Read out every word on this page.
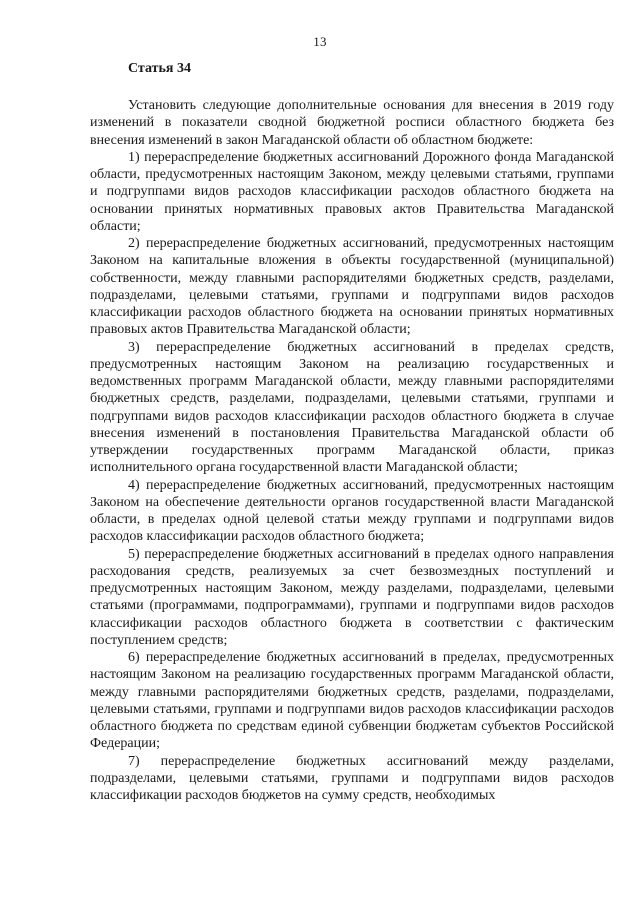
13
Статья 34

Установить следующие дополнительные основания для внесения в 2019 году изменений в показатели сводной бюджетной росписи областного бюджета без внесения изменений в закон Магаданской области об областном бюджете:

1) перераспределение бюджетных ассигнований Дорожного фонда Магаданской области, предусмотренных настоящим Законом, между целевыми статьями, группами и подгруппами видов расходов классификации расходов областного бюджета на основании принятых нормативных правовых актов Правительства Магаданской области;

2) перераспределение бюджетных ассигнований, предусмотренных настоящим Законом на капитальные вложения в объекты государственной (муниципальной) собственности, между главными распорядителями бюджетных средств, разделами, подразделами, целевыми статьями, группами и подгруппами видов расходов классификации расходов областного бюджета на основании принятых нормативных правовых актов Правительства Магаданской области;

3) перераспределение бюджетных ассигнований в пределах средств, предусмотренных настоящим Законом на реализацию государственных и ведомственных программ Магаданской области, между главными распорядителями бюджетных средств, разделами, подразделами, целевыми статьями, группами и подгруппами видов расходов классификации расходов областного бюджета в случае внесения изменений в постановления Правительства Магаданской области об утверждении государственных программ Магаданской области, приказ исполнительного органа государственной власти Магаданской области;

4) перераспределение бюджетных ассигнований, предусмотренных настоящим Законом на обеспечение деятельности органов государственной власти Магаданской области, в пределах одной целевой статьи между группами и подгруппами видов расходов классификации расходов областного бюджета;

5) перераспределение бюджетных ассигнований в пределах одного направления расходования средств, реализуемых за счет безвозмездных поступлений и предусмотренных настоящим Законом, между разделами, подразделами, целевыми статьями (программами, подпрограммами), группами и подгруппами видов расходов классификации расходов областного бюджета в соответствии с фактическим поступлением средств;

6) перераспределение бюджетных ассигнований в пределах, предусмотренных настоящим Законом на реализацию государственных программ Магаданской области, между главными распорядителями бюджетных средств, разделами, подразделами, целевыми статьями, группами и подгруппами видов расходов классификации расходов областного бюджета по средствам единой субвенции бюджетам субъектов Российской Федерации;

7) перераспределение бюджетных ассигнований между разделами, подразделами, целевыми статьями, группами и подгруппами видов расходов классификации расходов бюджетов на сумму средств, необходимых
